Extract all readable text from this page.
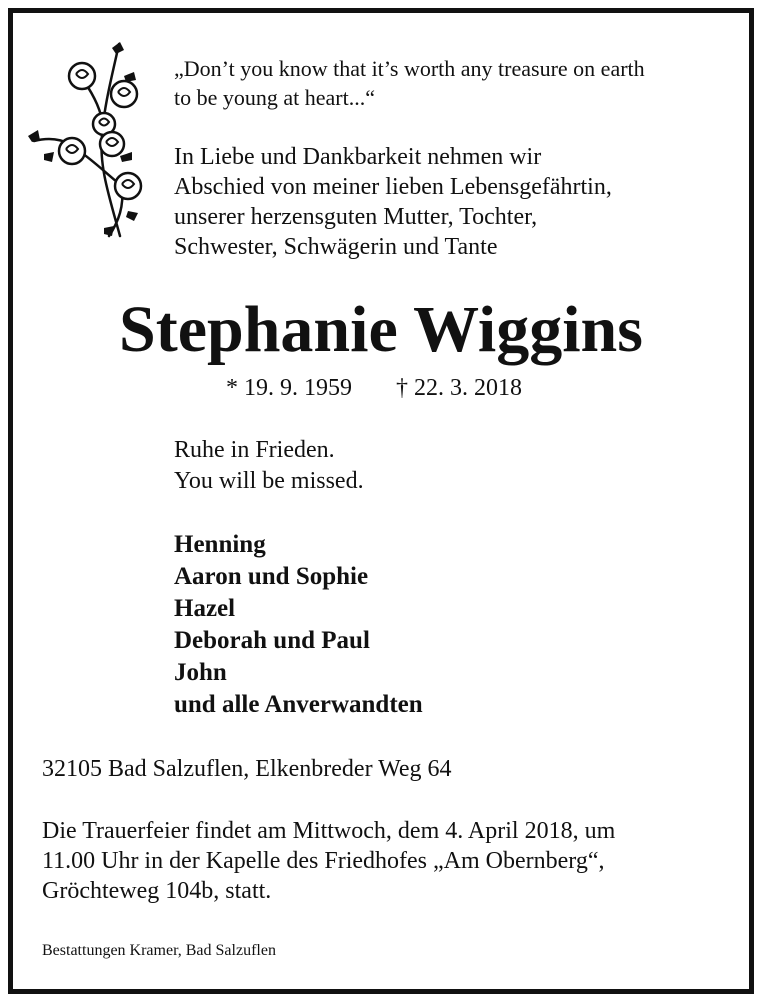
„Don’t you know that it’s worth any treasure on earth
to be young at heart...“
In Liebe und Dankbarkeit nehmen wir
Abschied von meiner lieben Lebensgefährtin,
unserer herzensguten Mutter, Tochter,
Schwester, Schwägerin und Tante
Stephanie Wiggins
* 19. 9. 1959 † 22. 3. 2018
Ruhe in Frieden.
You will be missed.
Henning
Aaron und Sophie
Hazel
Deborah und Paul
John
und alle Anverwandten
32105 Bad Salzuflen, Elkenbreder Weg 64
Die Trauerfeier findet am Mittwoch, dem 4. April 2018, um
11.00 Uhr in der Kapelle des Friedhofes „Am Obernberg“,
Gröchteweg 104b, statt.
Bestattungen Kramer, Bad Salzuflen
